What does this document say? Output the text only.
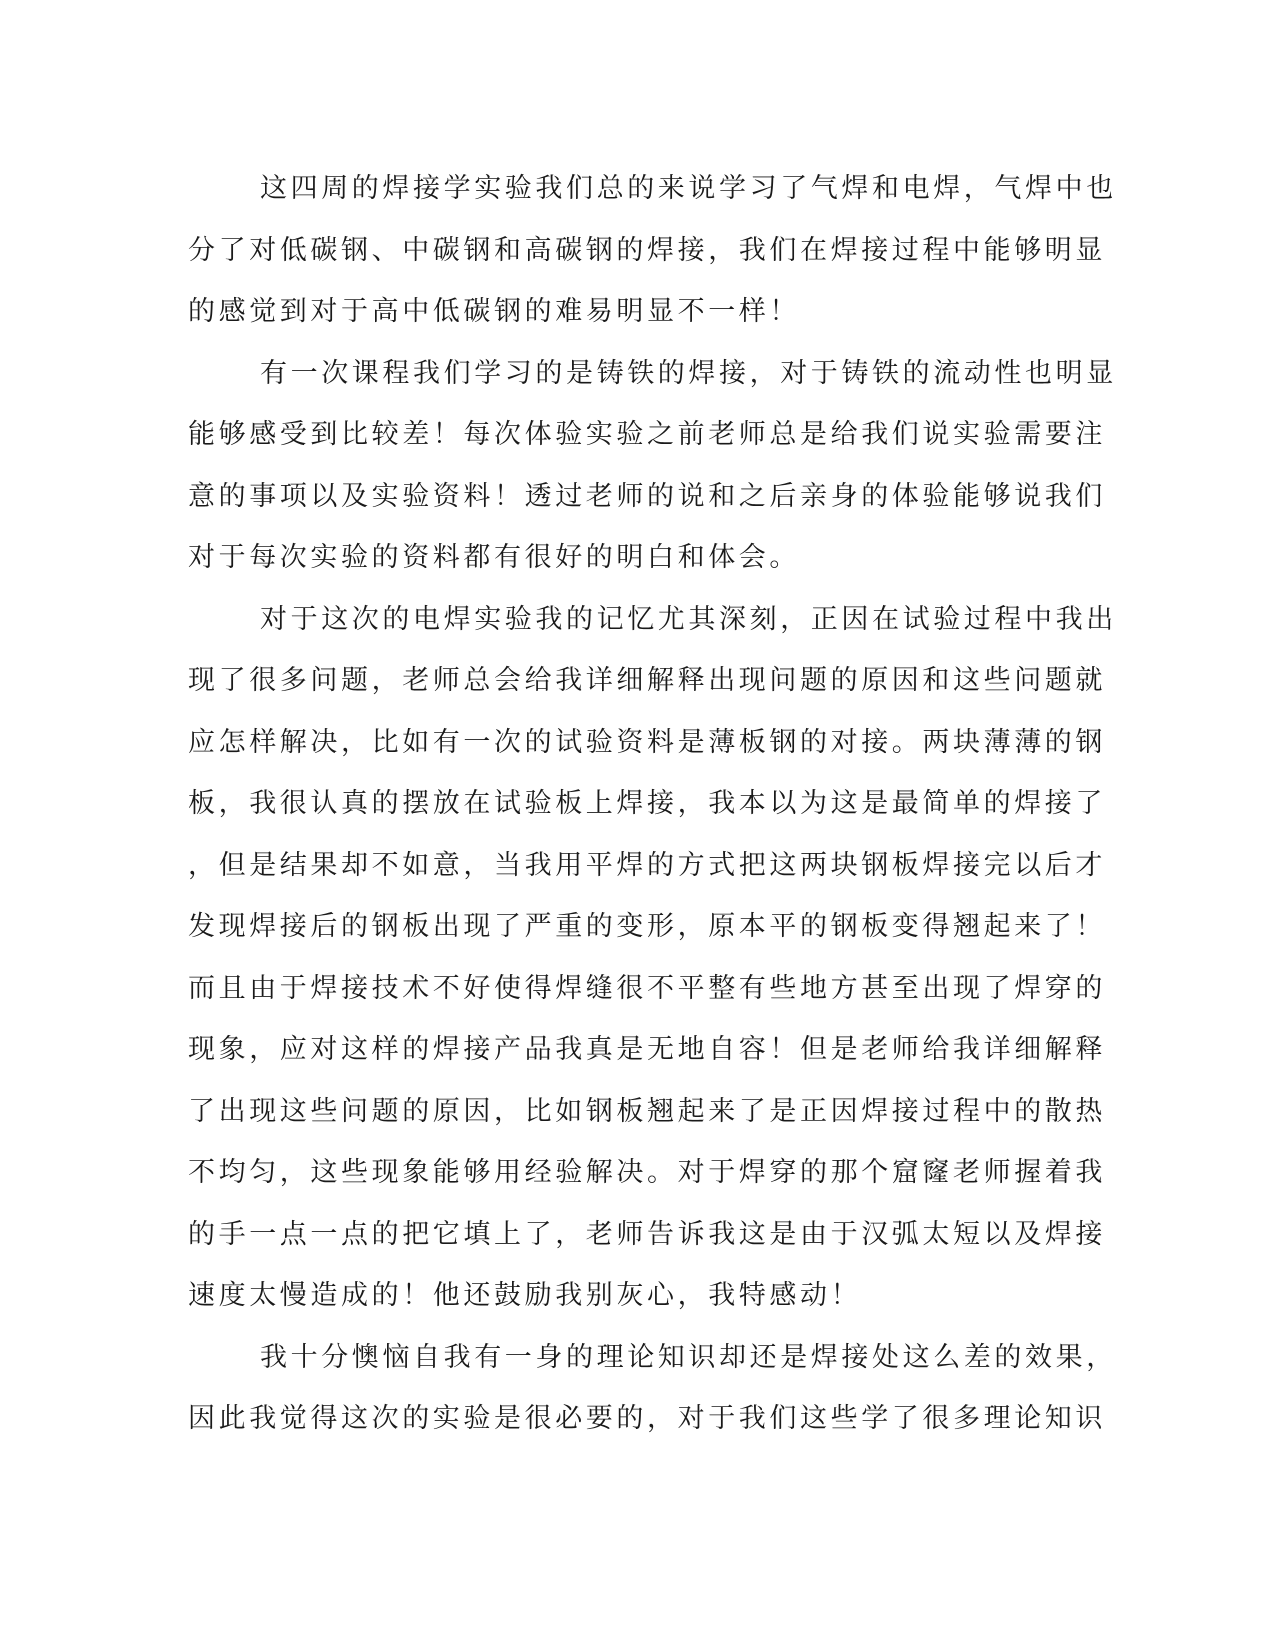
这四周的焊接学实验我们总的来说学习了气焊和电焊，气焊中也
分了对低碳钢、中碳钢和高碳钢的焊接，我们在焊接过程中能够明显
的感觉到对于高中低碳钢的难易明显不一样！
有一次课程我们学习的是铸铁的焊接，对于铸铁的流动性也明显
能够感受到比较差！每次体验实验之前老师总是给我们说实验需要注
意的事项以及实验资料！透过老师的说和之后亲身的体验能够说我们
对于每次实验的资料都有很好的明白和体会。
对于这次的电焊实验我的记忆尤其深刻，正因在试验过程中我出
现了很多问题，老师总会给我详细解释出现问题的原因和这些问题就
应怎样解决，比如有一次的试验资料是薄板钢的对接。两块薄薄的钢
板，我很认真的摆放在试验板上焊接，我本以为这是最简单的焊接了
，但是结果却不如意，当我用平焊的方式把这两块钢板焊接完以后才
发现焊接后的钢板出现了严重的变形，原本平的钢板变得翘起来了！
而且由于焊接技术不好使得焊缝很不平整有些地方甚至出现了焊穿的
现象，应对这样的焊接产品我真是无地自容！但是老师给我详细解释
了出现这些问题的原因，比如钢板翘起来了是正因焊接过程中的散热
不均匀，这些现象能够用经验解决。对于焊穿的那个窟窿老师握着我
的手一点一点的把它填上了，老师告诉我这是由于汉弧太短以及焊接
速度太慢造成的！他还鼓励我别灰心，我特感动！
我十分懊恼自我有一身的理论知识却还是焊接处这么差的效果，
因此我觉得这次的实验是很必要的，对于我们这些学了很多理论知识
